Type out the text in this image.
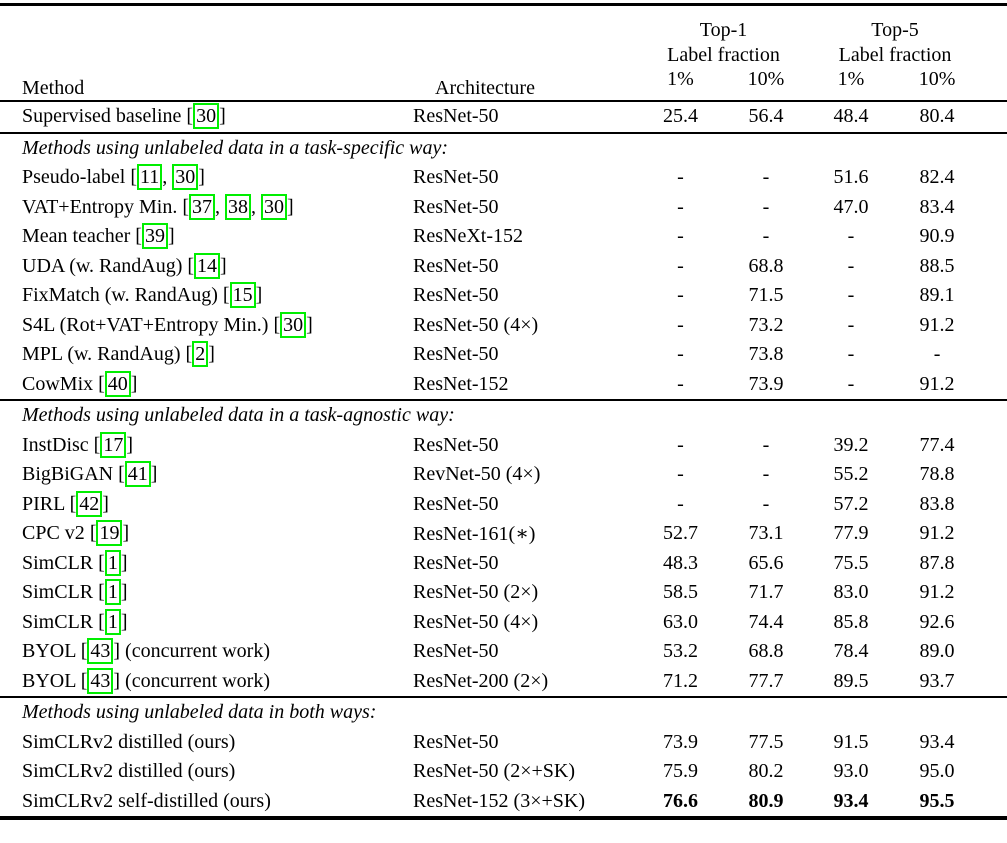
Method	Architecture	Top-1		Top-5		
		Label fraction		Label fraction		
		1%	10%	1%	10%	
Supervised baseline [ 30 ]	ResNet-50	25.4	56.4	48.4	80.4	
Methods using unlabeled data in a task-specific way:						
Pseudo-label [ 11 , 30 ]	ResNet-50	-	-	51.6	82.4	
VAT+Entropy Min. [ 37 , 38 , 30 ]	ResNet-50	-	-	47.0	83.4	
Mean teacher [ 39 ]	ResNeXt-152	-	-	-	90.9	
UDA (w. RandAug) [ 14 ]	ResNet-50	-	68.8	-	88.5	
FixMatch (w. RandAug) [ 15 ]	ResNet-50	-	71.5	-	89.1	
S4L (Rot+VAT+Entropy Min.) [ 30 ]	ResNet-50 (4×)	-	73.2	-	91.2	
MPL (w. RandAug) [ 2 ]	ResNet-50	-	73.8	-	-	
CowMix [ 40 ]	ResNet-152	-	73.9	-	91.2	
Methods using unlabeled data in a task-agnostic way:						
InstDisc [ 17 ]	ResNet-50	-	-	39.2	77.4	
BigBiGAN [ 41 ]	RevNet-50 (4×)	-	-	55.2	78.8	
PIRL [ 42 ]	ResNet-50	-	-	57.2	83.8	
CPC v2 [ 19 ]	ResNet-161(∗)	52.7	73.1	77.9	91.2	
SimCLR [ 1 ]	ResNet-50	48.3	65.6	75.5	87.8	
SimCLR [ 1 ]	ResNet-50 (2×)	58.5	71.7	83.0	91.2	
SimCLR [ 1 ]	ResNet-50 (4×)	63.0	74.4	85.8	92.6	
BYOL [ 43 ] (concurrent work)	ResNet-50	53.2	68.8	78.4	89.0	
BYOL [ 43 ] (concurrent work)	ResNet-200 (2×)	71.2	77.7	89.5	93.7	
Methods using unlabeled data in both ways:						
SimCLRv2 distilled (ours)	ResNet-50	73.9	77.5	91.5	93.4	
SimCLRv2 distilled (ours)	ResNet-50 (2×+SK)	75.9	80.2	93.0	95.0	
SimCLRv2 self-distilled (ours)	ResNet-152 (3×+SK)	76.6	80.9	93.4	95.5	
